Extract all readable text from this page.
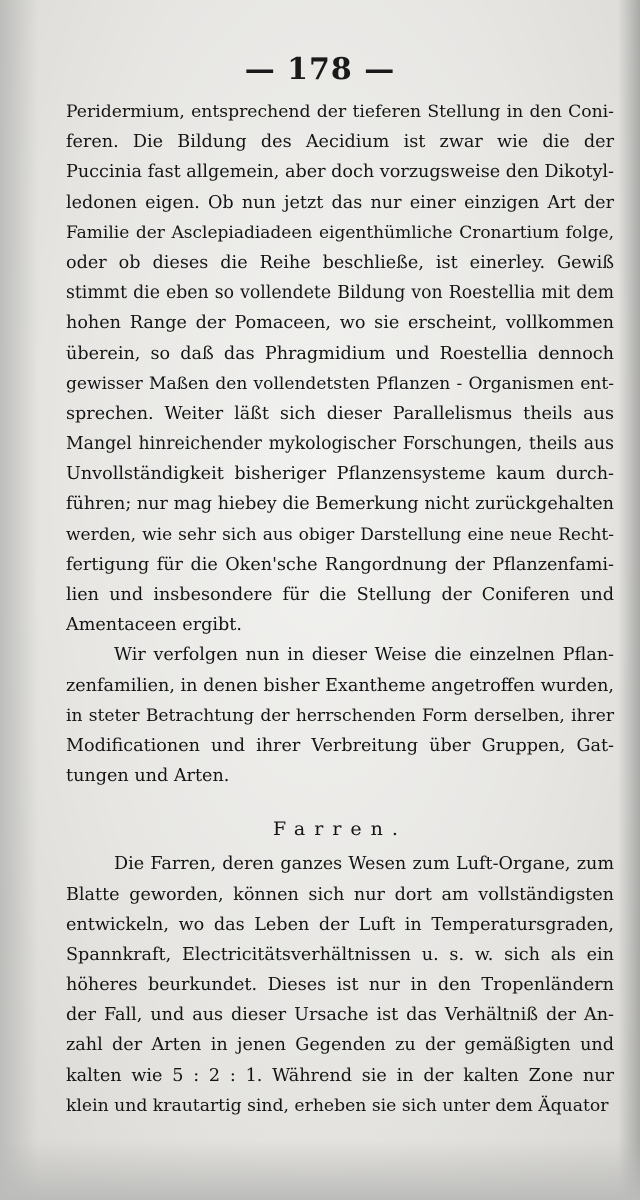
— 178 —
Peridermium, entsprechend der tieferen Stellung in den Coni-
feren. Die Bildung des Aecidium ist zwar wie die der
Puccinia fast allgemein, aber doch vorzugsweise den Dikotyl-
ledonen eigen. Ob nun jetzt das nur einer einzigen Art der
Familie der Asclepiadiadeen eigenthümliche Cronartium folge,
oder ob dieses die Reihe beschließe, ist einerley. Gewiß
stimmt die eben so vollendete Bildung von Roestellia mit dem
hohen Range der Pomaceen, wo sie erscheint, vollkommen
überein, so daß das Phragmidium und Roestellia dennoch
gewisser Maßen den vollendetsten Pflanzen - Organismen ent-
sprechen. Weiter läßt sich dieser Parallelismus theils aus
Mangel hinreichender mykologischer Forschungen, theils aus
Unvollständigkeit bisheriger Pflanzensysteme kaum durch-
führen; nur mag hiebey die Bemerkung nicht zurückgehalten
werden, wie sehr sich aus obiger Darstellung eine neue Recht-
fertigung für die Oken'sche Rangordnung der Pflanzenfami-
lien und insbesondere für die Stellung der Coniferen und
Amentaceen ergibt.
Wir verfolgen nun in dieser Weise die einzelnen Pflan-
zenfamilien, in denen bisher Exantheme angetroffen wurden,
in steter Betrachtung der herrschenden Form derselben, ihrer
Modificationen und ihrer Verbreitung über Gruppen, Gat-
tungen und Arten.
Farren.
Die Farren, deren ganzes Wesen zum Luft-Organe, zum
Blatte geworden, können sich nur dort am vollständigsten
entwickeln, wo das Leben der Luft in Temperatursgraden,
Spannkraft, Electricitätsverhältnissen u. s. w. sich als ein
höheres beurkundet. Dieses ist nur in den Tropenländern
der Fall, und aus dieser Ursache ist das Verhältniß der An-
zahl der Arten in jenen Gegenden zu der gemäßigten und
kalten wie 5 : 2 : 1. Während sie in der kalten Zone nur
klein und krautartig sind, erheben sie sich unter dem Äquator
